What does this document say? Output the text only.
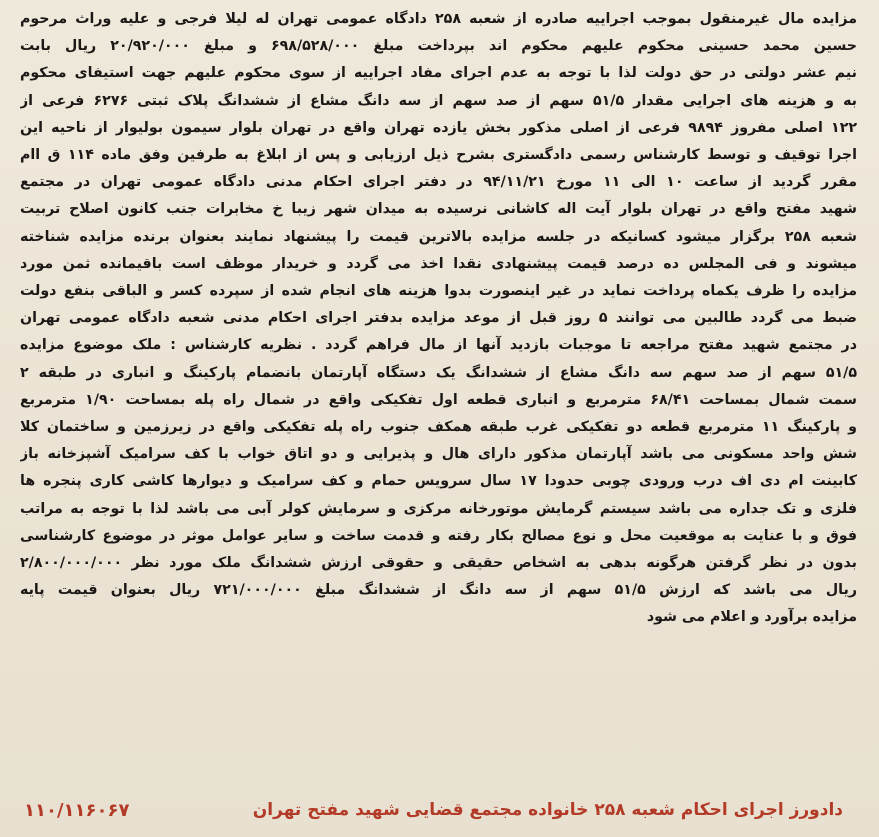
مزایده مال غیرمنقول بموجب اجراییه صادره از شعبه ۲۵۸ دادگاه عمومی تهران له لیلا فرجی و علیه وراث مرحوم
حسین محمد حسینی محکوم علیهم محکوم اند بپرداخت مبلغ ۶۹۸/۵۲۸/۰۰۰ و مبلغ ۲۰/۹۲۰/۰۰۰ ریال بابت
نیم عشر دولتی در حق دولت لذا با توجه به عدم اجرای مفاد اجراییه از سوی محکوم علیهم جهت استیفای محکوم
به و هزینه های اجرایی مقدار ۵۱/۵ سهم از صد سهم از سه دانگ مشاع از ششدانگ پلاک ثبتی ۶۲۷۶ فرعی از
۱۲۲ اصلی مفروز ۹۸۹۴ فرعی از اصلی مذکور بخش یازده تهران واقع در تهران بلوار سیمون بولیوار از ناحیه این
اجرا توقیف و توسط کارشناس رسمی دادگستری بشرح ذیل ارزیابی و پس از ابلاغ به طرفین وفق ماده ۱۱۴ ق اام
مقرر گردید از ساعت ۱۰ الی ۱۱ مورخ ۹۴/۱۱/۲۱ در دفتر اجرای احکام مدنی دادگاه عمومی تهران در مجتمع
شهید مفتح واقع در تهران بلوار آیت اله کاشانی نرسیده به میدان شهر زیبا خ مخابرات جنب کانون اصلاح تربیت
شعبه ۲۵۸ برگزار میشود کسانیکه در جلسه مزایده بالاترین قیمت را پیشنهاد نمایند بعنوان برنده مزایده شناخته
میشوند و فی المجلس ده درصد قیمت پیشنهادی نقدا اخذ می گردد و خریدار موظف است باقیمانده ثمن مورد
مزایده را ظرف یکماه پرداخت نماید در غیر اینصورت بدوا هزینه های انجام شده از سپرده کسر و الباقی بنفع دولت
ضبط می گردد طالبین می توانند ۵ روز قبل از موعد مزایده بدفتر اجرای احکام مدنی شعبه دادگاه عمومی تهران
در مجتمع شهید مفتح مراجعه تا موجبات بازدید آنها از مال فراهم گردد . نظریه کارشناس : ملک موضوع مزایده
۵۱/۵ سهم از صد سهم سه دانگ مشاع از ششدانگ یک دستگاه آپارتمان بانضمام پارکینگ و انباری در طبقه ۲
سمت شمال بمساحت ۶۸/۴۱ مترمربع و انباری قطعه اول تفکیکی واقع در شمال راه پله بمساحت ۱/۹۰ مترمربع
و پارکینگ ۱۱ مترمربع قطعه دو تفکیکی غرب طبقه همکف جنوب راه پله تفکیکی واقع در زیرزمین و ساختمان کلا
شش واحد مسکونی می باشد آپارتمان مذکور دارای هال و پذیرایی و دو اتاق خواب با کف سرامیک آشپزخانه باز
کابینت ام دی اف درب ورودی چوبی حدودا ۱۷ سال سرویس حمام و کف سرامیک و دیوارها کاشی کاری پنجره ها
فلزی و تک جداره می باشد سیستم گرمایش موتورخانه مرکزی و سرمایش کولر آبی می باشد لذا با توجه به مراتب
فوق و با عنایت به موقعیت محل و نوع مصالح بکار رفته و قدمت ساخت و سایر عوامل موثر در موضوع کارشناسی
بدون در نظر گرفتن هرگونه بدهی به اشخاص حقیقی و حقوقی ارزش ششدانگ ملک مورد نظر ۲/۸۰۰/۰۰۰/۰۰۰
ریال می باشد که ارزش ۵۱/۵ سهم از سه دانگ از ششدانگ مبلغ ۷۲۱/۰۰۰/۰۰۰ ریال بعنوان قیمت پایه
مزایده برآورد و اعلام می شود
دادورز اجرای احکام شعبه ۲۵۸ خانواده مجتمع قضایی شهید مفتح تهران
۱۱۰/۱۱۶۰۶۷
